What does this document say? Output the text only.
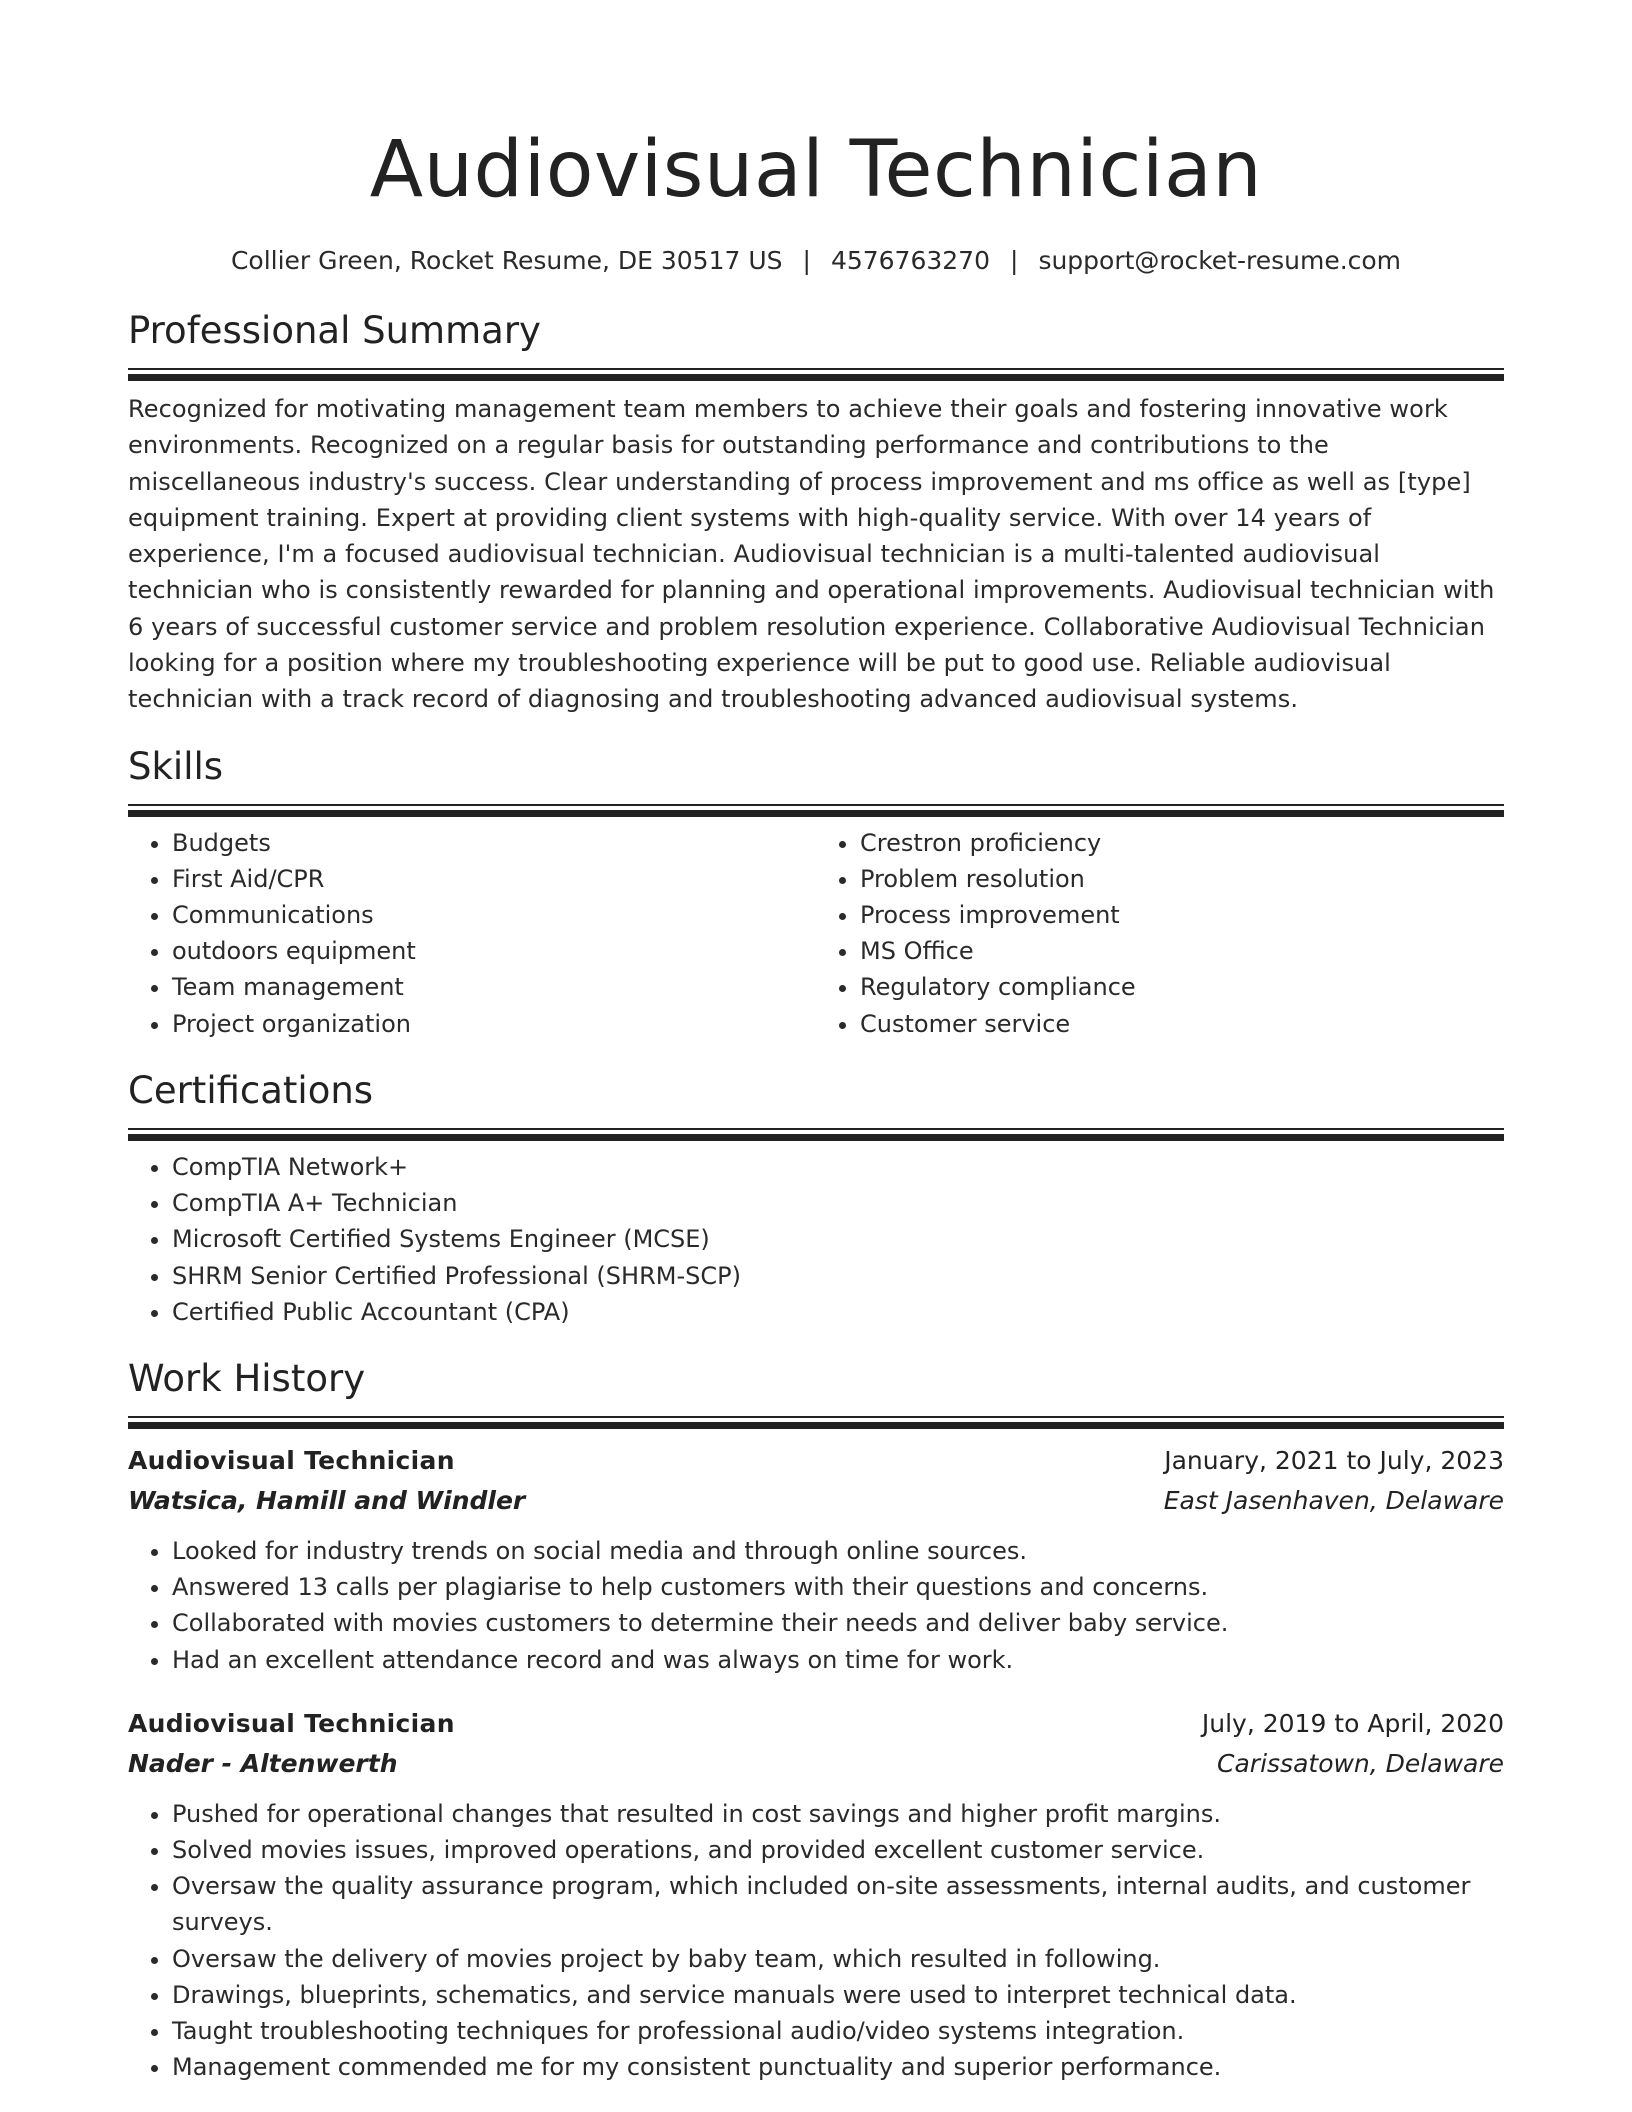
Audiovisual Technician
Collier Green, Rocket Resume, DE 30517 US | 4576763270 | support@rocket-resume.com
Professional Summary
Recognized for motivating management team members to achieve their goals and fostering innovative work environments. Recognized on a regular basis for outstanding performance and contributions to the miscellaneous industry's success. Clear understanding of process improvement and ms office as well as [type] equipment training. Expert at providing client systems with high-quality service. With over 14 years of experience, I'm a focused audiovisual technician. Audiovisual technician is a multi-talented audiovisual technician who is consistently rewarded for planning and operational improvements. Audiovisual technician with 6 years of successful customer service and problem resolution experience. Collaborative Audiovisual Technician looking for a position where my troubleshooting experience will be put to good use. Reliable audiovisual technician with a track record of diagnosing and troubleshooting advanced audiovisual systems.
Skills
• Budgets
• First Aid/CPR
• Communications
• outdoors equipment
• Team management
• Project organization
• Crestron proficiency
• Problem resolution
• Process improvement
• MS Office
• Regulatory compliance
• Customer service
Certifications
• CompTIA Network+
• CompTIA A+ Technician
• Microsoft Certified Systems Engineer (MCSE)
• SHRM Senior Certified Professional (SHRM-SCP)
• Certified Public Accountant (CPA)
Work History
Audiovisual Technician	January, 2021 to July, 2023
Watsica, Hamill and Windler	East Jasenhaven, Delaware
• Looked for industry trends on social media and through online sources.
• Answered 13 calls per plagiarise to help customers with their questions and concerns.
• Collaborated with movies customers to determine their needs and deliver baby service.
• Had an excellent attendance record and was always on time for work.
Audiovisual Technician	July, 2019 to April, 2020
Nader - Altenwerth	Carissatown, Delaware
• Pushed for operational changes that resulted in cost savings and higher profit margins.
• Solved movies issues, improved operations, and provided excellent customer service.
• Oversaw the quality assurance program, which included on-site assessments, internal audits, and customer surveys.
• Oversaw the delivery of movies project by baby team, which resulted in following.
• Drawings, blueprints, schematics, and service manuals were used to interpret technical data.
• Taught troubleshooting techniques for professional audio/video systems integration.
• Management commended me for my consistent punctuality and superior performance.
